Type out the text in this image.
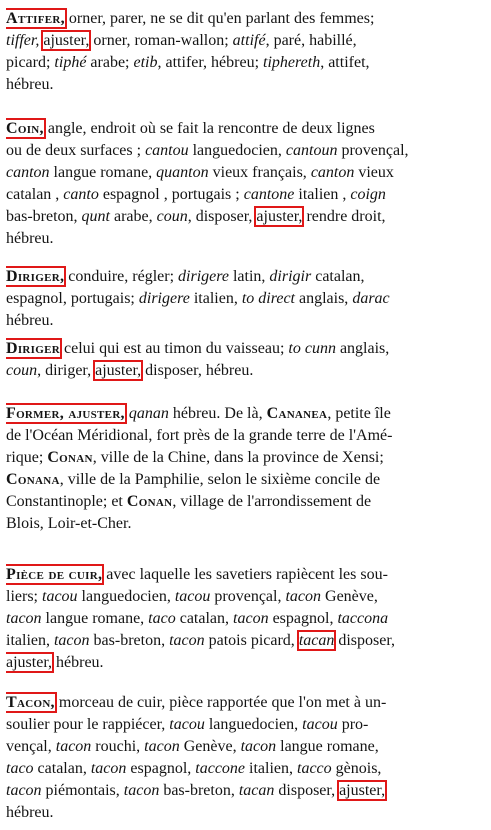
Attifer, orner, parer, ne se dit qu'en parlant des femmes;
tiffer, ajuster, orner, roman-wallon; attifé, paré, habillé,
picard; tiphé arabe; etib, attifer, hébreu; tiphereth, attifet,
hébreu.
Coin, angle, endroit où se fait la rencontre de deux lignes
ou de deux surfaces ; cantou languedocien, cantoun provençal,
canton langue romane, quanton vieux français, canton vieux
catalan , canto espagnol , portugais ; cantone italien , coign
bas-breton, qunt arabe, coun, disposer, ajuster, rendre droit,
hébreu.
Diriger, conduire, régler; dirigere latin, dirigir catalan,
espagnol, portugais; dirigere italien, to direct anglais, darac
hébreu.
Diriger celui qui est au timon du vaisseau; to cunn anglais,
coun, diriger, ajuster, disposer, hébreu.
Former, ajuster, qanan hébreu. De là, Cananea, petite île
de l'Océan Méridional, fort près de la grande terre de l'Amé-
rique; Conan, ville de la Chine, dans la province de Xensi;
Conana, ville de la Pamphilie, selon le sixième concile de
Constantinople; et Conan, village de l'arrondissement de
Blois, Loir-et-Cher.
Pièce de cuir, avec laquelle les savetiers rapiècent les sou-
liers; tacou languedocien, tacou provençal, tacon Genève,
tacon langue romane, taco catalan, tacon espagnol, taccona
italien, tacon bas-breton, tacon patois picard, tacan disposer,
ajuster, hébreu.
Tacon, morceau de cuir, pièce rapportée que l'on met à un-
soulier pour le rappiécer, tacou languedocien, tacou pro-
vençal, tacon rouchi, tacon Genève, tacon langue romane,
taco catalan, tacon espagnol, taccone italien, tacco gènois,
tacon piémontais, tacon bas-breton, tacan disposer, ajuster,
hébreu.
